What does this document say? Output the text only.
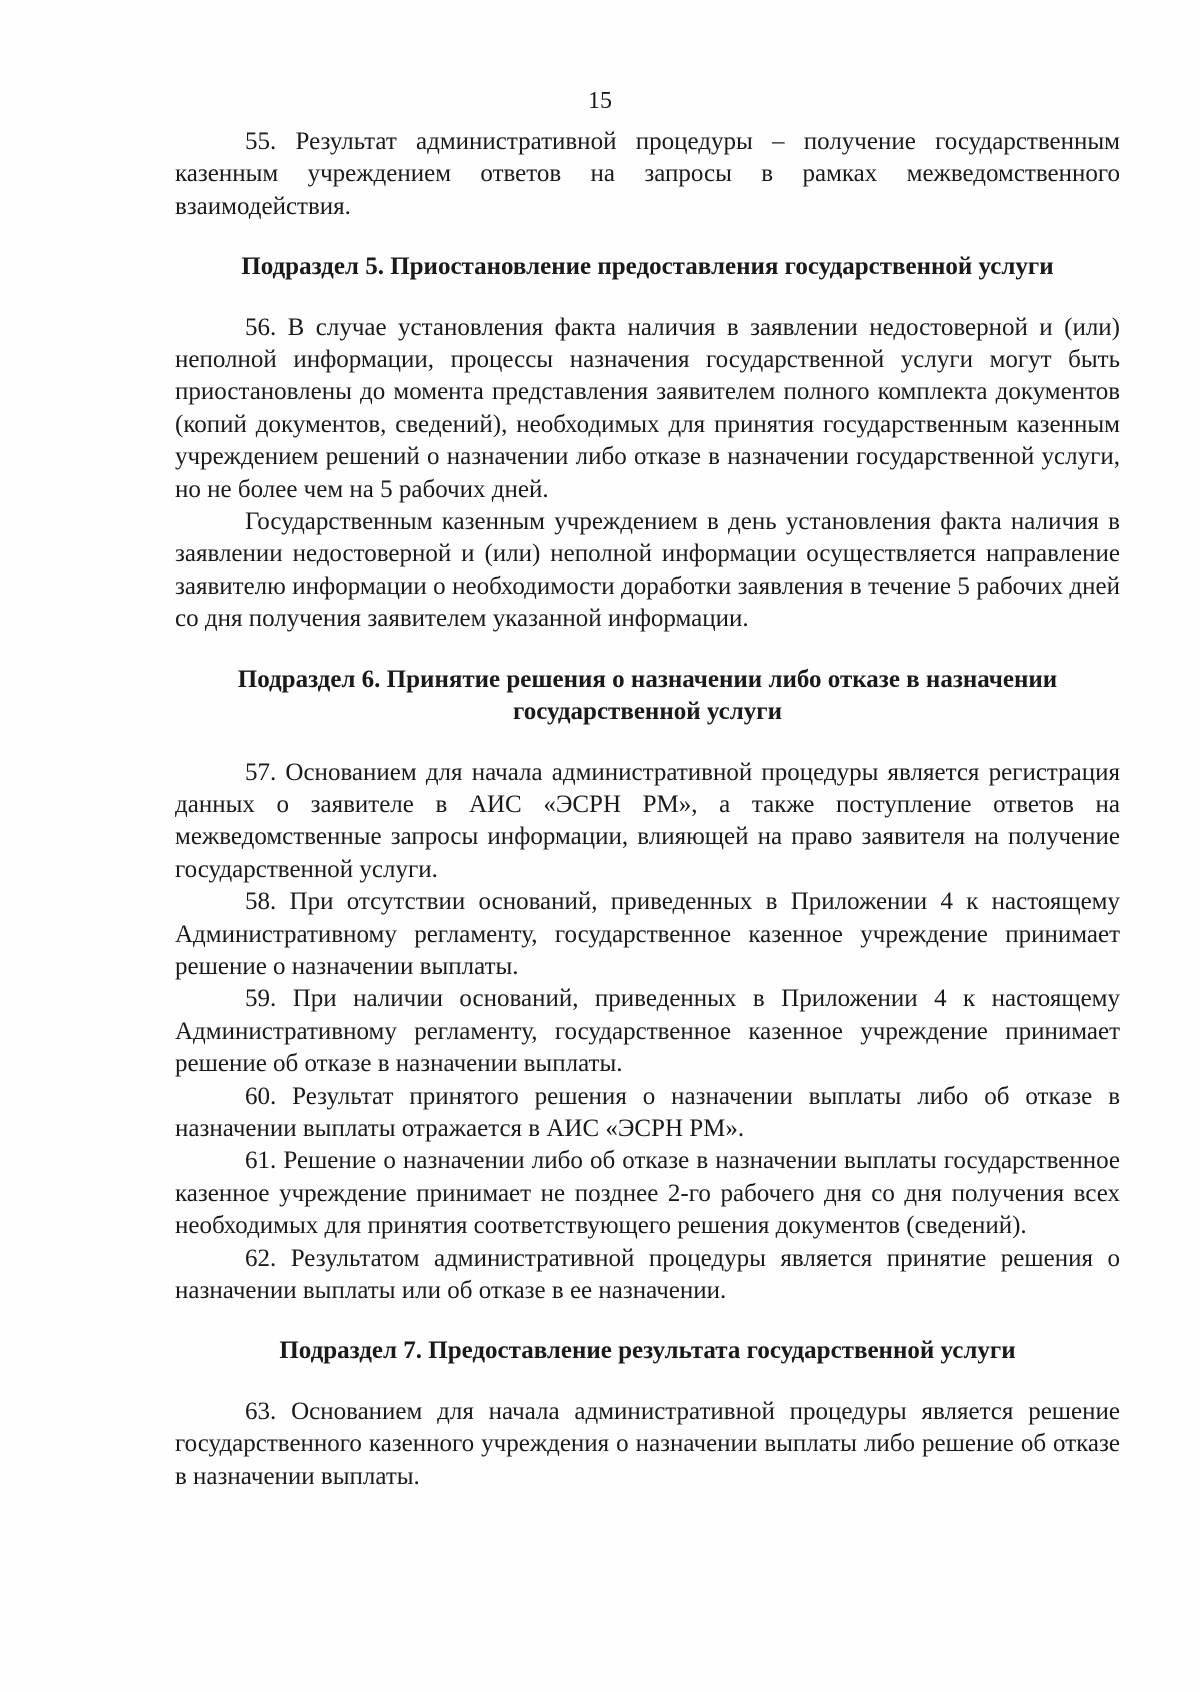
15

55. Результат административной процедуры – получение государственным казенным учреждением ответов на запросы в рамках межведомственного взаимодействия.

Подраздел 5. Приостановление предоставления государственной услуги

56. В случае установления факта наличия в заявлении недостоверной и (или) неполной информации, процессы назначения государственной услуги могут быть приостановлены до момента представления заявителем полного комплекта документов (копий документов, сведений), необходимых для принятия государственным казенным учреждением решений о назначении либо отказе в назначении государственной услуги, но не более чем на 5 рабочих дней.

Государственным казенным учреждением в день установления факта наличия в заявлении недостоверной и (или) неполной информации осуществляется направление заявителю информации о необходимости доработки заявления в течение 5 рабочих дней со дня получения заявителем указанной информации.

Подраздел 6. Принятие решения о назначении либо отказе в назначении государственной услуги

57. Основанием для начала административной процедуры является регистрация данных о заявителе в АИС «ЭСРН РМ», а также поступление ответов на межведомственные запросы информации, влияющей на право заявителя на получение государственной услуги.

58. При отсутствии оснований, приведенных в Приложении 4 к настоящему Административному регламенту, государственное казенное учреждение принимает решение о назначении выплаты.

59. При наличии оснований, приведенных в Приложении 4 к настоящему Административному регламенту, государственное казенное учреждение принимает решение об отказе в назначении выплаты.

60. Результат принятого решения о назначении выплаты либо об отказе в назначении выплаты отражается в АИС «ЭСРН РМ».

61. Решение о назначении либо об отказе в назначении выплаты государственное казенное учреждение принимает не позднее 2-го рабочего дня со дня получения всех необходимых для принятия соответствующего решения документов (сведений).

62. Результатом административной процедуры является принятие решения о назначении выплаты или об отказе в ее назначении.

Подраздел 7. Предоставление результата государственной услуги

63. Основанием для начала административной процедуры является решение государственного казенного учреждения о назначении выплаты либо решение об отказе в назначении выплаты.
